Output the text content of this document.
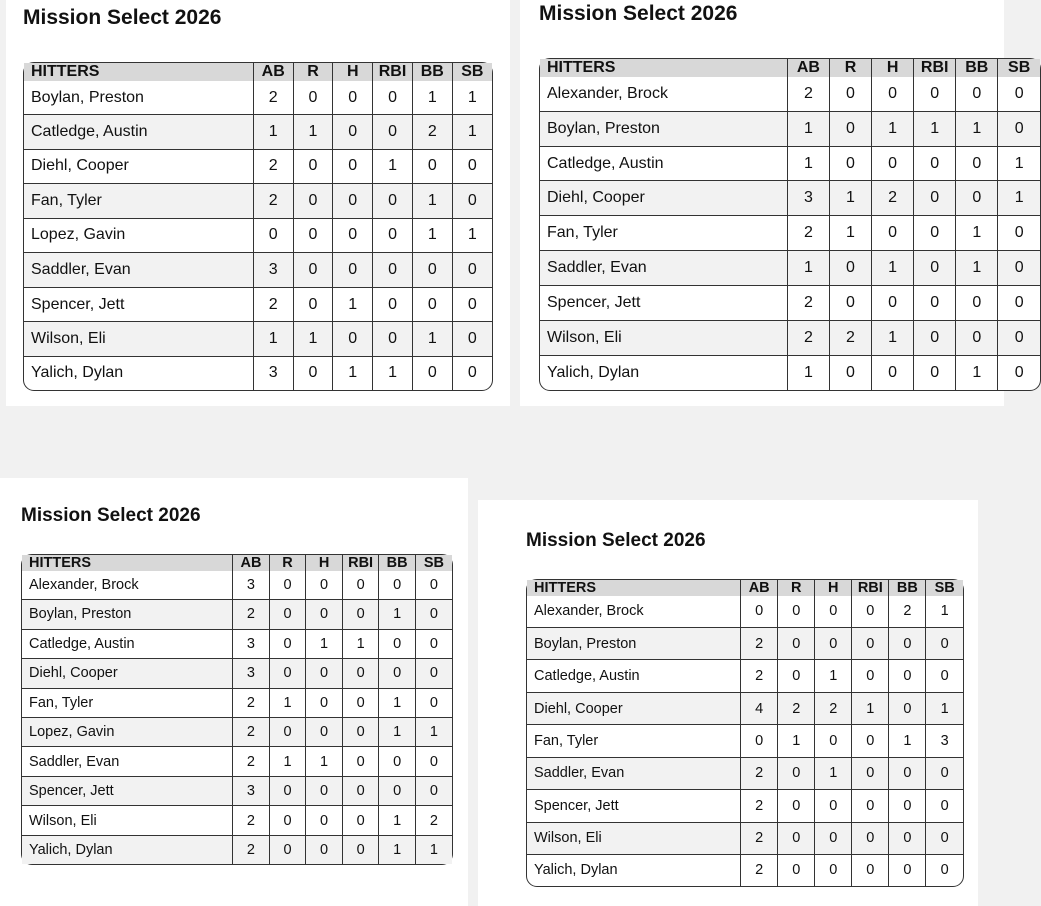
Mission Select 2026
HITTERS	AB	R	H	RBI	BB	SB
Boylan, Preston	2	0	0	0	1	1
Catledge, Austin	1	1	0	0	2	1
Diehl, Cooper	2	0	0	1	0	0
Fan, Tyler	2	0	0	0	1	0
Lopez, Gavin	0	0	0	0	1	1
Saddler, Evan	3	0	0	0	0	0
Spencer, Jett	2	0	1	0	0	0
Wilson, Eli	1	1	0	0	1	0
Yalich, Dylan	3	0	1	1	0	0
Mission Select 2026
HITTERS	AB	R	H	RBI	BB	SB
Alexander, Brock	2	0	0	0	0	0
Boylan, Preston	1	0	1	1	1	0
Catledge, Austin	1	0	0	0	0	1
Diehl, Cooper	3	1	2	0	0	1
Fan, Tyler	2	1	0	0	1	0
Saddler, Evan	1	0	1	0	1	0
Spencer, Jett	2	0	0	0	0	0
Wilson, Eli	2	2	1	0	0	0
Yalich, Dylan	1	0	0	0	1	0
Mission Select 2026
HITTERS	AB	R	H	RBI	BB	SB
Alexander, Brock	3	0	0	0	0	0
Boylan, Preston	2	0	0	0	1	0
Catledge, Austin	3	0	1	1	0	0
Diehl, Cooper	3	0	0	0	0	0
Fan, Tyler	2	1	0	0	1	0
Lopez, Gavin	2	0	0	0	1	1
Saddler, Evan	2	1	1	0	0	0
Spencer, Jett	3	0	0	0	0	0
Wilson, Eli	2	0	0	0	1	2
Yalich, Dylan	2	0	0	0	1	1
Mission Select 2026
HITTERS	AB	R	H	RBI	BB	SB
Alexander, Brock	0	0	0	0	2	1
Boylan, Preston	2	0	0	0	0	0
Catledge, Austin	2	0	1	0	0	0
Diehl, Cooper	4	2	2	1	0	1
Fan, Tyler	0	1	0	0	1	3
Saddler, Evan	2	0	1	0	0	0
Spencer, Jett	2	0	0	0	0	0
Wilson, Eli	2	0	0	0	0	0
Yalich, Dylan	2	0	0	0	0	0
